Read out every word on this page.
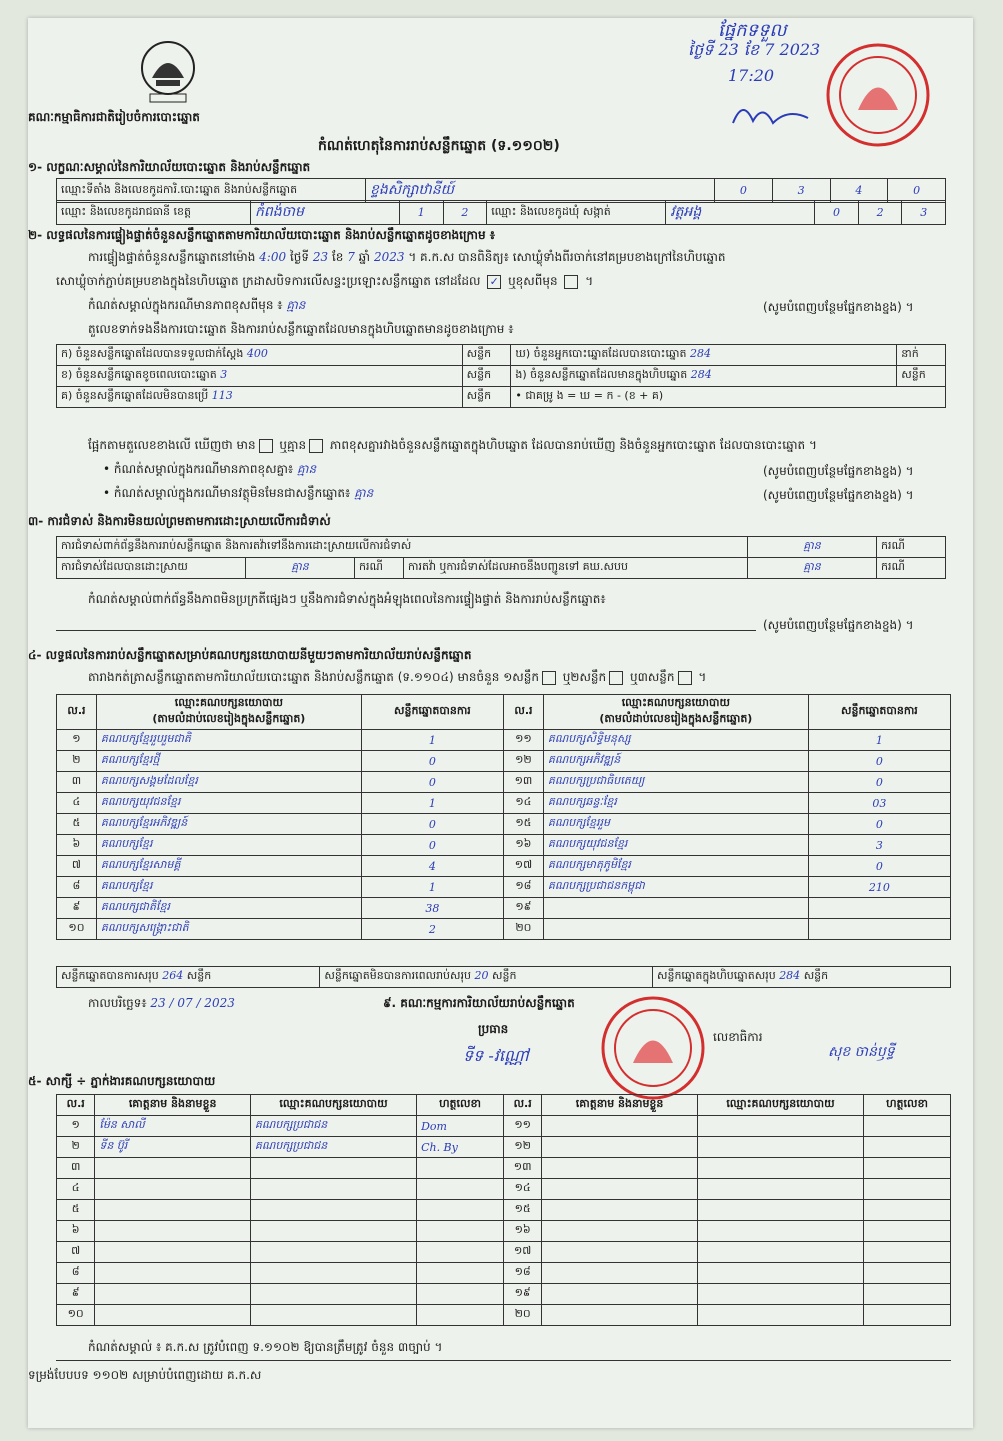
គណៈកម្មាធិការជាតិរៀបចំការបោះឆ្នោត
ផ្នែកទទួល
ថ្ងៃទី 23 ខែ 7 2023
17:20
កំណត់ហេតុនៃការរាប់សន្លឹកឆ្នោត (ទ.១១០២)
១- លក្ខណៈសម្គាល់នៃការិយាល័យបោះឆ្នោត និងរាប់សន្លឹកឆ្នោត
ឈ្មោះទីតាំង និងលេខកូដការិ.បោះឆ្នោត និងរាប់សន្លឹកឆ្នោត	ខ្ទងសិក្សាឋានីយ៍	0	3	4	0
ឈ្មោះ និងលេខកូដរាជធានី ខេត្ត	កំពង់ចាម	1	2	ឈ្មោះ និងលេខកូដឃុំ សង្កាត់	វត្តអង្គ	0	2	3
២- លទ្ធផលនៃការផ្ទៀងផ្ទាត់ចំនួនសន្លឹកឆ្នោតតាមការិយាល័យបោះឆ្នោត និងរាប់សន្លឹកឆ្នោតដូចខាងក្រោម ៖
ការផ្ទៀងផ្ទាត់ចំនួនសន្លឹកឆ្នោតនៅម៉ោង 4:00 ថ្ងៃទី 23 ខែ 7 ឆ្នាំ 2023 ។ គ.ក.ស បានពិនិត្យ៖ សោឃ្លុំទាំងពីរចាក់នៅគម្របខាងក្រៅនៃហិបឆ្នោត
សោឃ្លុំចាក់ភ្ជាប់គម្របខាងក្នុងនៃហិបឆ្នោត ក្រដាសបិទការលើសន្ទះប្រឡោះសន្លឹកឆ្នោត នៅដដែល ✓ ឬខុសពីមុន  ។
កំណត់សម្គាល់ក្នុងករណីមានភាពខុសពីមុន ៖ គ្មាន	(សូមបំពេញបន្ថែមផ្នែកខាងខ្នង) ។
តួលេខទាក់ទងនឹងការបោះឆ្នោត និងការរាប់សន្លឹកឆ្នោតដែលមានក្នុងហិបឆ្នោតមានដូចខាងក្រោម ៖
ក) ចំនួនសន្លឹកឆ្នោតដែលបានទទួលជាក់ស្តែង 400	សន្លឹក	ឃ) ចំនួនអ្នកបោះឆ្នោតដែលបានបោះឆ្នោត 284	នាក់
ខ) ចំនួនសន្លឹកឆ្នោតខូចពេលបោះឆ្នោត 3	សន្លឹក	ង) ចំនួនសន្លឹកឆ្នោតដែលមានក្នុងហិបឆ្នោត 284	សន្លឹក
គ) ចំនួនសន្លឹកឆ្នោតដែលមិនបានប្រើ 113	សន្លឹក	• ជាគម្រូ ង = ឃ = ក - (ខ + គ)	
ផ្អែកតាមតួលេខខាងលើ ឃើញថា មាន ឬគ្មាន ភាពខុសគ្នារវាងចំនួនសន្លឹកឆ្នោតក្នុងហិបឆ្នោត ដែលបានរាប់ឃើញ និងចំនួនអ្នកបោះឆ្នោត ដែលបានបោះឆ្នោត ។
• កំណត់សម្គាល់ក្នុងករណីមានភាពខុសគ្នា៖ គ្មាន	(សូមបំពេញបន្ថែមផ្នែកខាងខ្នង) ។
• កំណត់សម្គាល់ក្នុងករណីមានវត្ថុមិនមែនជាសន្លឹកឆ្នោត៖ គ្មាន	(សូមបំពេញបន្ថែមផ្នែកខាងខ្នង) ។
៣- ការជំទាស់ និងការមិនយល់ព្រមតាមការដោះស្រាយលើការជំទាស់
ការជំទាស់ពាក់ព័ន្ធនឹងការរាប់សន្លឹកឆ្នោត និងការតវ៉ាទៅនឹងការដោះស្រាយលើការជំទាស់				គ្មាន	ករណី
ការជំទាស់ដែលបានដោះស្រាយ	គ្មាន	ករណី	ការតវ៉ា ឬការជំទាស់ដែលអាចនឹងបញ្ជូនទៅ គឃ.សបប	គ្មាន	ករណី
កំណត់សម្គាល់ពាក់ព័ន្ធនឹងភាពមិនប្រក្រតីផ្សេងៗ ឬនឹងការជំទាស់ក្នុងអំឡុងពេលនៃការផ្ទៀងផ្ទាត់ និងការរាប់សន្លឹកឆ្នោត៖
(សូមបំពេញបន្ថែមផ្នែកខាងខ្នង) ។
៤- លទ្ធផលនៃការរាប់សន្លឹកឆ្នោតសម្រាប់គណបក្សនយោបាយនីមួយៗតាមការិយាល័យរាប់សន្លឹកឆ្នោត
តារាងកត់ត្រាសន្លឹកឆ្នោតតាមការិយាល័យបោះឆ្នោត និងរាប់សន្លឹកឆ្នោត (ទ.១១០៤) មានចំនួន ១សន្លឹក ឬ២សន្លឹក ឬ៣សន្លឹក ។
ល.រ	ឈ្មោះគណបក្សនយោបាយ
(តាមលំដាប់លេខរៀងក្នុងសន្លឹកឆ្នោត)	សន្លឹកឆ្នោតបានការ	ល.រ	ឈ្មោះគណបក្សនយោបាយ
(តាមលំដាប់លេខរៀងក្នុងសន្លឹកឆ្នោត)	សន្លឹកឆ្នោតបានការ
១	គណបក្សខ្មែររួបរួមជាតិ	1	១១	គណបក្សសិទ្ធិមនុស្ស	1
២	គណបក្សខ្មែរថ្មី	0	១២	គណបក្សអភិវឌ្ឍន៍	0
៣	គណបក្សសង្គមដែលខ្មែរ	0	១៣	គណបក្សប្រជាធិបតេយ្យ	0
៤	គណបក្សយុវជនខ្មែរ	1	១៤	គណបក្សឆន្ទៈខ្មែរ	03
៥	គណបក្សខ្មែរអភិវឌ្ឍន៍	0	១៥	គណបក្សខ្មែររួម	0
៦	គណបក្សខ្មែរ	0	១៦	គណបក្សយុវជនខ្មែរ	3
៧	គណបក្សខ្មែរសាមគ្គី	4	១៧	គណបក្សមាតុភូមិខ្មែរ	0
៨	គណបក្សខ្មែរ	1	១៨	គណបក្សប្រជាជនកម្ពុជា	210
៩	គណបក្សជាតិខ្មែរ	38	១៩		
១០	គណបក្សសង្គ្រោះជាតិ	2	២០		
សន្លឹកឆ្នោតបានការសរុប 264 សន្លឹក	សន្លឹកឆ្នោតមិនបានការពេលរាប់សរុប 20 សន្លឹក	សន្លឹកឆ្នោតក្នុងហិបឆ្នោតសរុប 284 សន្លឹក
កាលបរិច្ឆេទ៖ 23 / 07 / 2023	៩. គណៈកម្មការការិយាល័យរាប់សន្លឹកឆ្នោត
ប្រធាន
ទីទ -វណ្ណៅ
លេខាធិការ
សុខ ចាន់ឫទ្ធី
៥- សាក្សី ÷ ភ្នាក់ងារគណបក្សនយោបាយ
ល.រ	គោត្តនាម និងនាមខ្លួន	ឈ្មោះគណបក្សនយោបាយ	ហត្ថលេខា	ល.រ	គោត្តនាម និងនាមខ្លួន	ឈ្មោះគណបក្សនយោបាយ	ហត្ថលេខា
១	ម៉ែន សាលី	គណបក្សប្រជាជន	Dom	១១			
២	ទីន ប៊ូរី	គណបក្សប្រជាជន	Ch. By	១២			
៣				១៣			
៤				១៤			
៥				១៥			
៦				១៦			
៧				១៧			
៨				១៨			
៩				១៩			
១០				២០			
កំណត់សម្គាល់ ៖ គ.ក.ស ត្រូវបំពេញ ទ.១១០២ ឱ្យបានត្រឹមត្រូវ ចំនួន ៣ច្បាប់ ។
ទម្រង់បែបបទ ១១០២ សម្រាប់បំពេញដោយ គ.ក.ស
